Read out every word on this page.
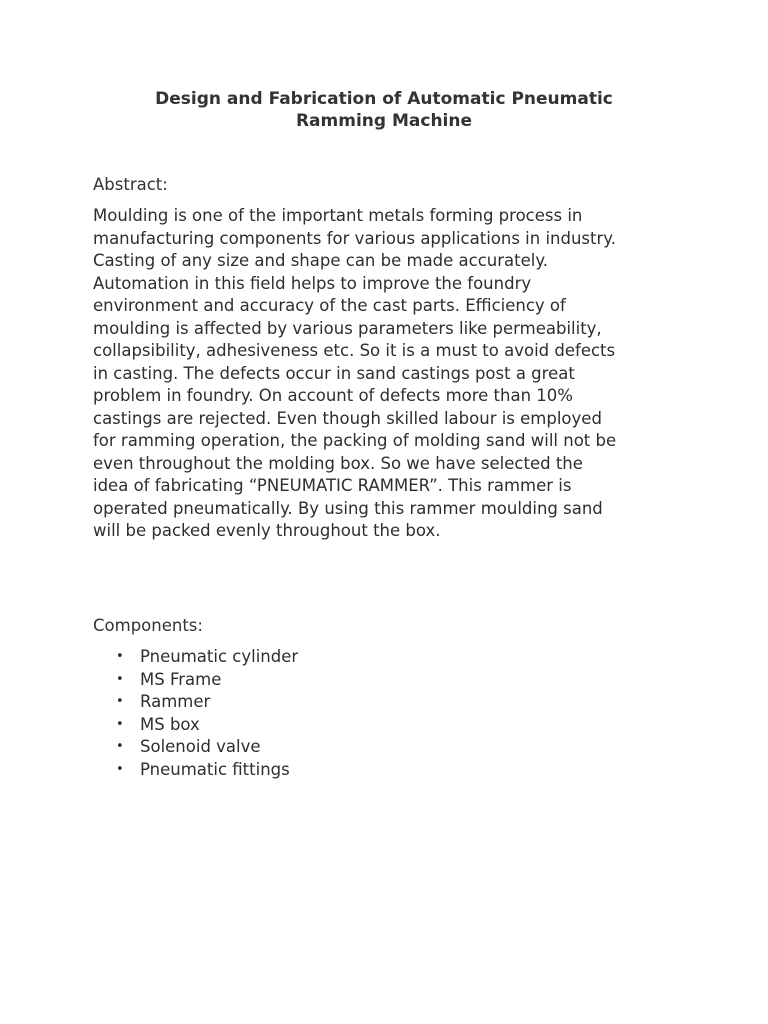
Design and Fabrication of Automatic Pneumatic
Ramming Machine
Abstract:
Moulding is one of the important metals forming process in
manufacturing components for various applications in industry.
Casting of any size and shape can be made accurately.
Automation in this field helps to improve the foundry
environment and accuracy of the cast parts. Efficiency of
moulding is affected by various parameters like permeability,
collapsibility, adhesiveness etc. So it is a must to avoid defects
in casting. The defects occur in sand castings post a great
problem in foundry. On account of defects more than 10%
castings are rejected. Even though skilled labour is employed
for ramming operation, the packing of molding sand will not be
even throughout the molding box. So we have selected the
idea of fabricating “PNEUMATIC RAMMER”. This rammer is
operated pneumatically. By using this rammer moulding sand
will be packed evenly throughout the box.
Components:
• Pneumatic cylinder
• MS Frame
• Rammer
• MS box
• Solenoid valve
• Pneumatic fittings
